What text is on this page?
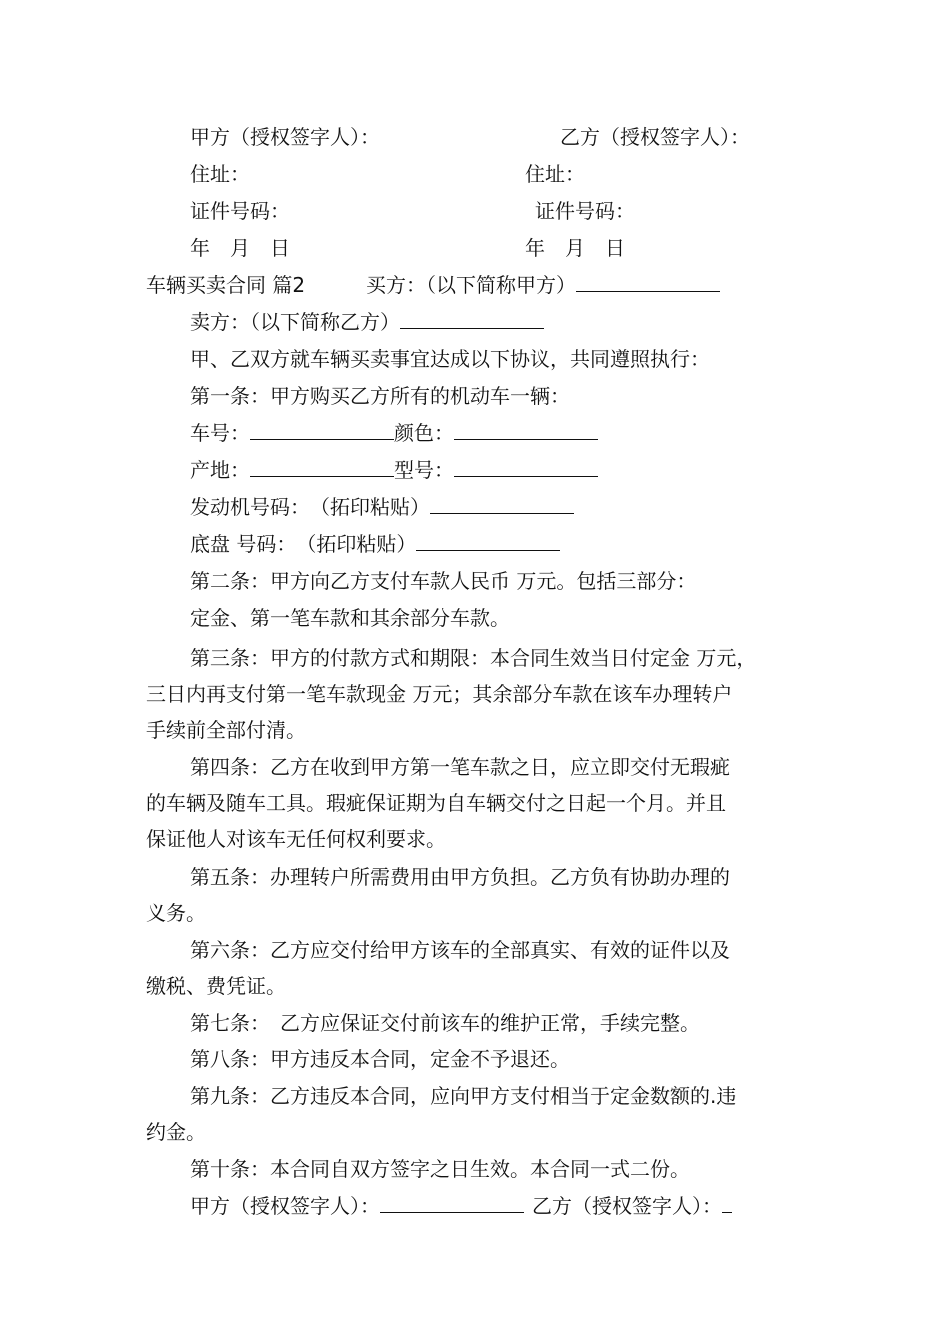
甲方（授权签字人）：	乙方（授权签字人）：
住址：	住址：
证件号码：	证件号码：
年　月　日	年　月　日
车辆买卖合同 篇2	买方：（以下简称甲方）
卖方：（以下简称乙方）
甲、乙双方就车辆买卖事宜达成以下协议，共同遵照执行：
第一条：甲方购买乙方所有的机动车一辆：
车号：	颜色：
产地：	型号：
发动机号码：　（拓印粘贴）
底盘 号码：　（拓印粘贴）
第二条：甲方向乙方支付车款人民币 万元。包括三部分：
定金、第一笔车款和其余部分车款。
第三条：甲方的付款方式和期限：本合同生效当日付定金 万元，
三日内再支付第一笔车款现金 万元；其余部分车款在该车办理转户
手续前全部付清。
第四条：乙方在收到甲方第一笔车款之日，应立即交付无瑕疵
的车辆及随车工具。瑕疵保证期为自车辆交付之日起一个月。并且
保证他人对该车无任何权利要求。
第五条：办理转户所需费用由甲方负担。乙方负有协助办理的
义务。
第六条：乙方应交付给甲方该车的全部真实、有效的证件以及
缴税、费凭证。
第七条：　乙方应保证交付前该车的维护正常，手续完整。
第八条：甲方违反本合同，定金不予退还。
第九条：乙方违反本合同，应向甲方支付相当于定金数额的.违
约金。
第十条：本合同自双方签字之日生效。本合同一式二份。
甲方（授权签字人）：	乙方（授权签字人）：
